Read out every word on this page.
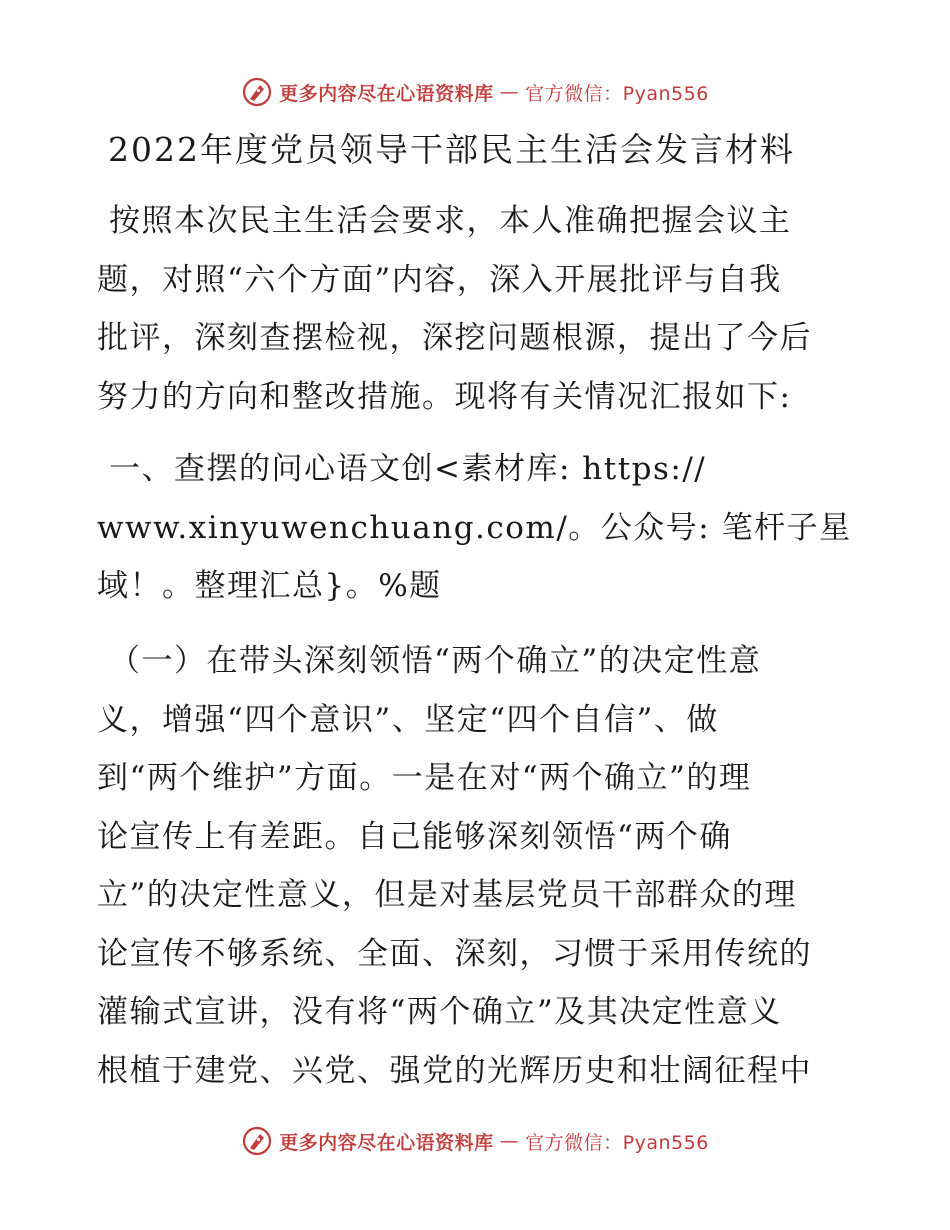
更多内容尽在心语资料库 — 官方微信：Pyan556
2022年度党员领导干部民主生活会发言材料
按照本次民主生活会要求，本人准确把握会议主
题，对照“六个方面”内容，深入开展批评与自我
批评，深刻查摆检视，深挖问题根源，提出了今后
努力的方向和整改措施。现将有关情况汇报如下:
一、查摆的问心语文创<素材库: https://
www.xinyuwenchuang.com/。公众号: 笔杆子星
域！。整理汇总}。%题
（一）在带头深刻领悟“两个确立”的决定性意
义，增强“四个意识”、坚定“四个自信”、做
到“两个维护”方面。一是在对“两个确立”的理
论宣传上有差距。自己能够深刻领悟“两个确
立”的决定性意义，但是对基层党员干部群众的理
论宣传不够系统、全面、深刻，习惯于采用传统的
灌输式宣讲，没有将“两个确立”及其决定性意义
根植于建党、兴党、强党的光辉历史和壮阔征程中
更多内容尽在心语资料库 — 官方微信：Pyan556
